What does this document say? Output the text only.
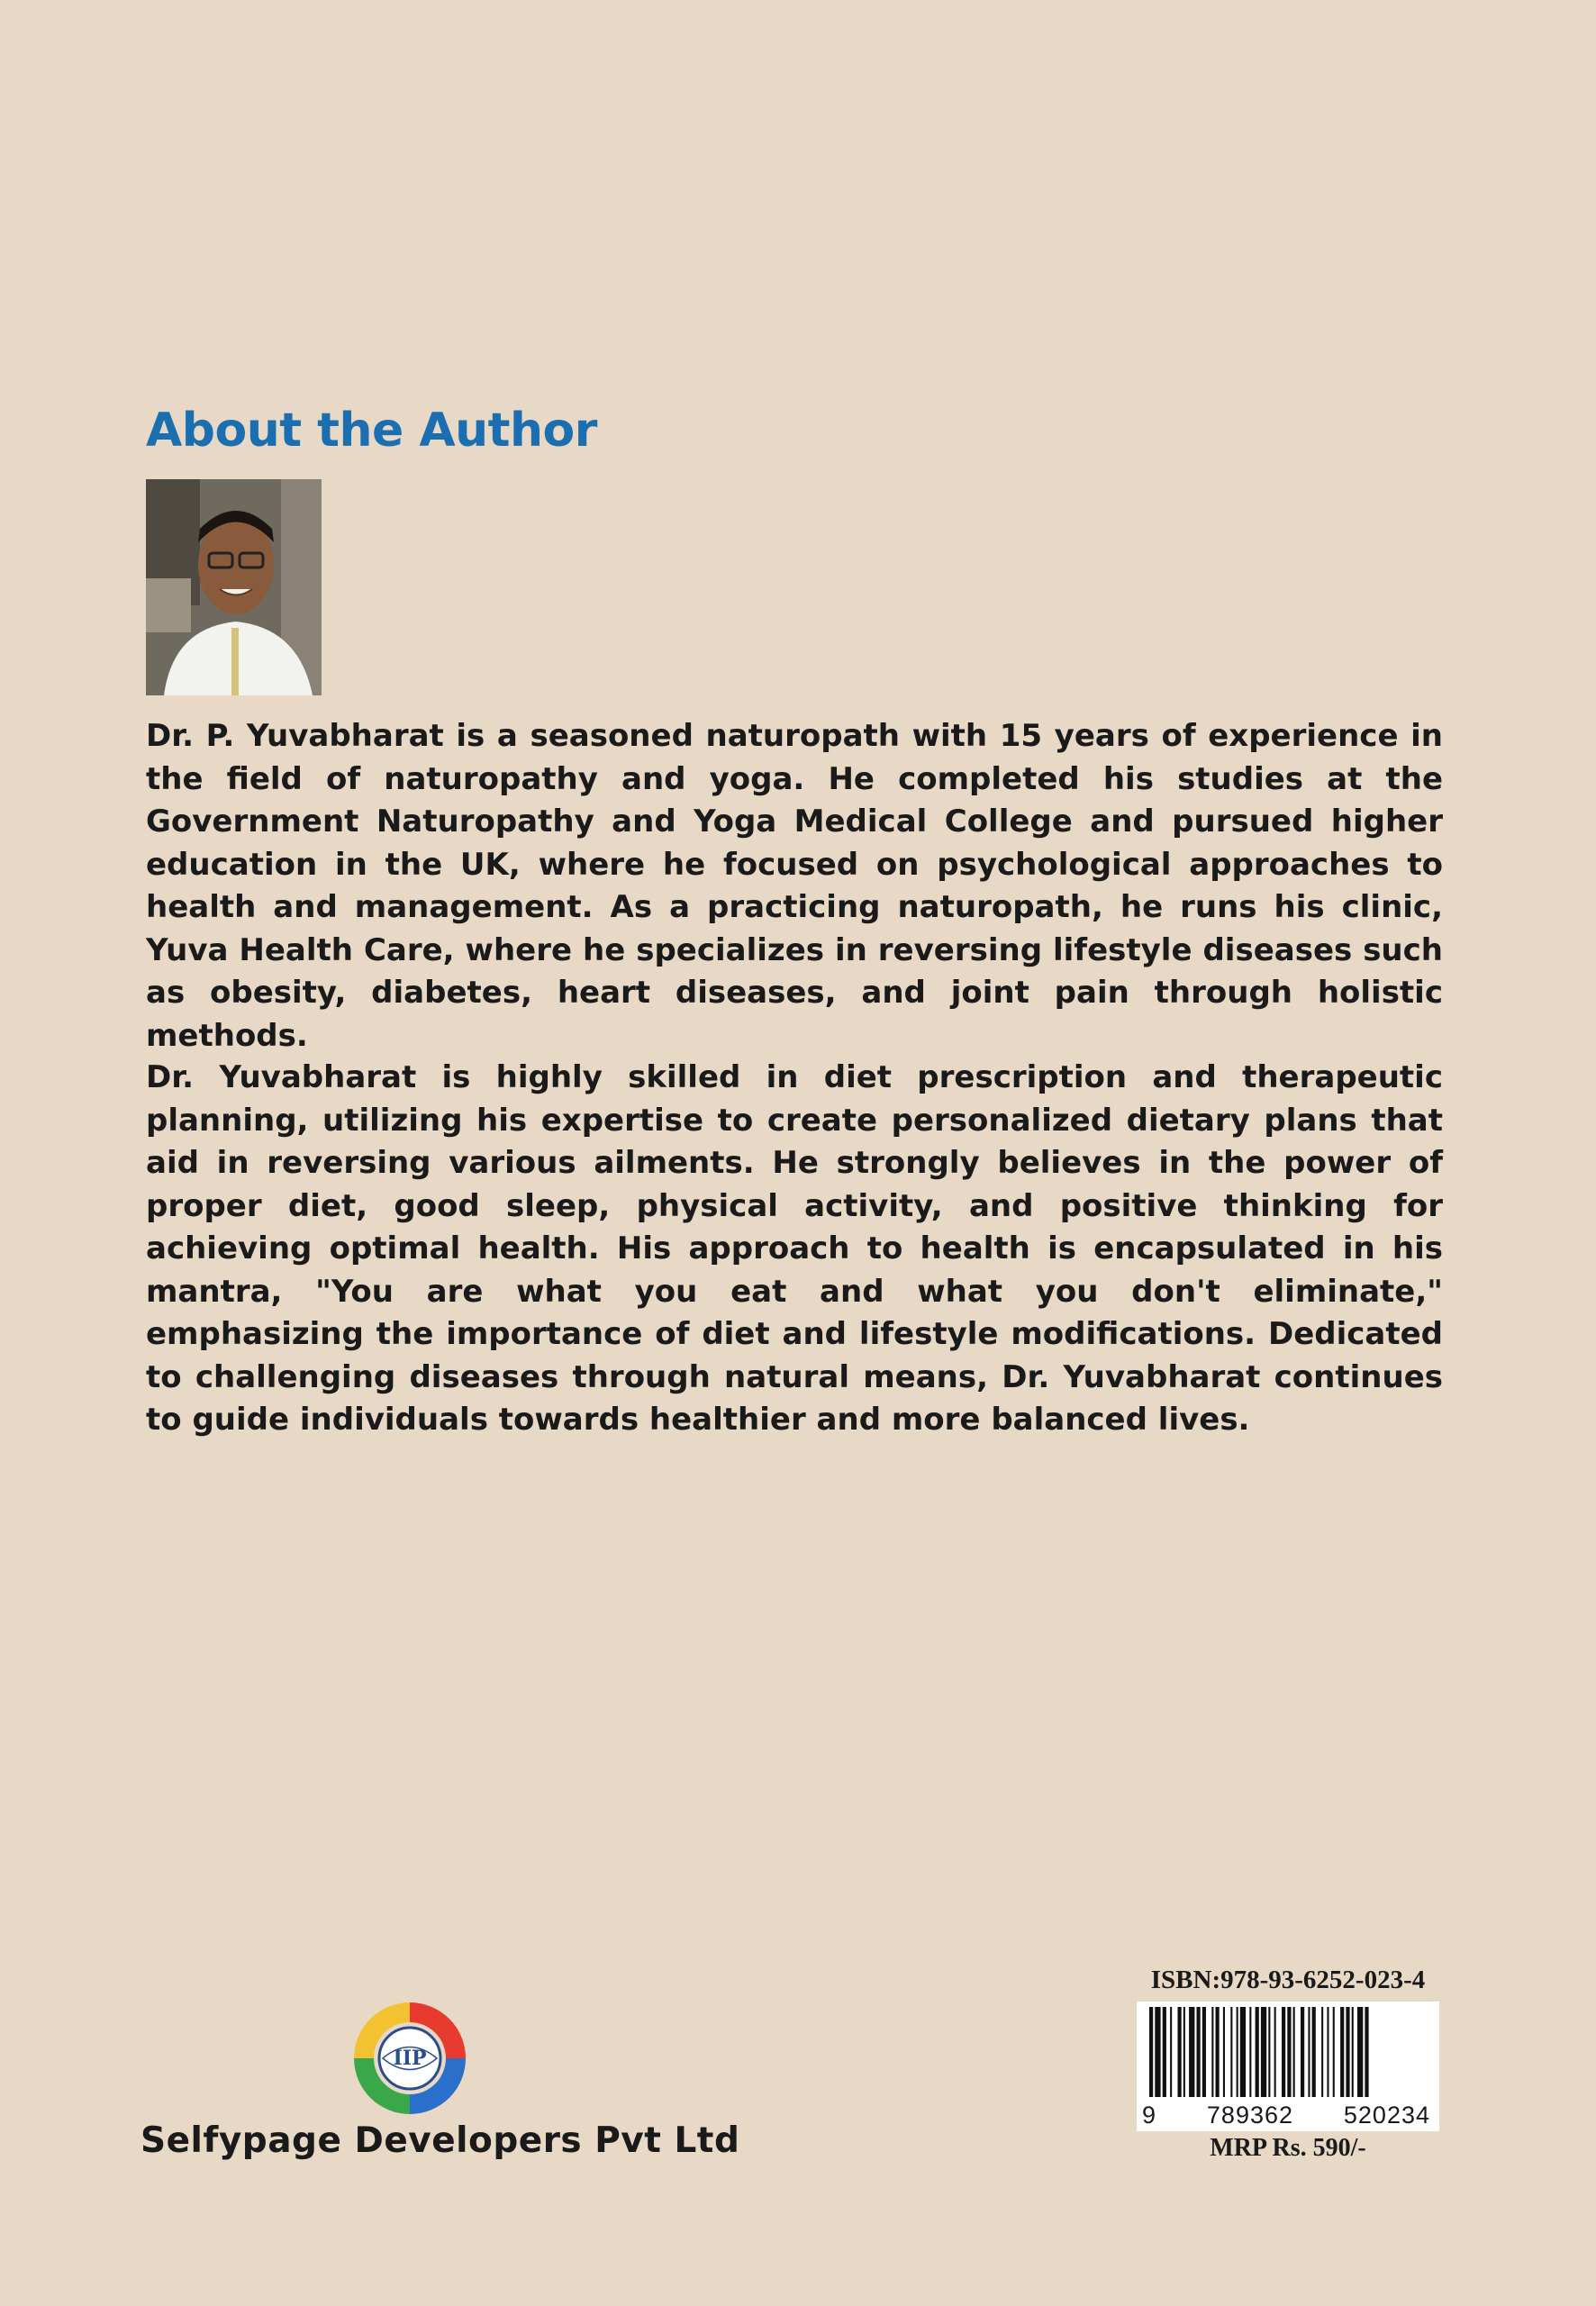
About the Author

Dr. P. Yuvabharat is a seasoned naturopath with 15 years of experience in the field of naturopathy and yoga. He completed his studies at the Government Naturopathy and Yoga Medical College and pursued higher education in the UK, where he focused on psychological approaches to health and management. As a practicing naturopath, he runs his clinic, Yuva Health Care, where he specializes in reversing lifestyle diseases such as obesity, diabetes, heart diseases, and joint pain through holistic methods.

Dr. Yuvabharat is highly skilled in diet prescription and therapeutic planning, utilizing his expertise to create personalized dietary plans that aid in reversing various ailments. He strongly believes in the power of proper diet, good sleep, physical activity, and positive thinking for achieving optimal health. His approach to health is encapsulated in his mantra, "You are what you eat and what you don't eliminate," emphasizing the importance of diet and lifestyle modifications. Dedicated to challenging diseases through natural means, Dr. Yuvabharat continues to guide individuals towards healthier and more balanced lives.

IIP
Selfypage Developers Pvt Ltd
ISBN:978-93-6252-023-4
9 789362 520234
MRP Rs. 590/-
